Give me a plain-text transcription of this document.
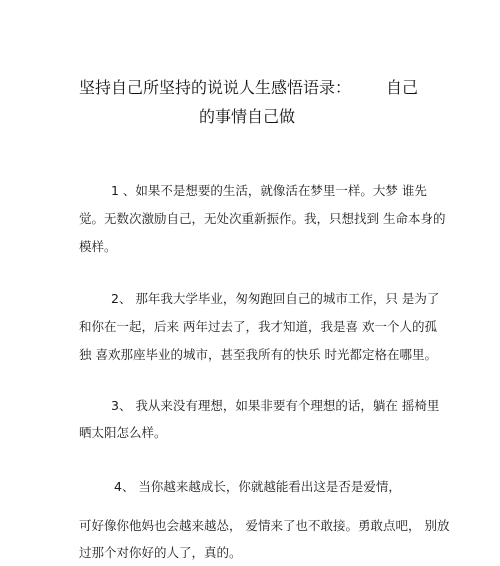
坚持自己所坚持的说说人生感悟语录： 自己
的事情自己做
1 、如果不是想要的生活，就像活在梦里一样。大梦 谁先
觉。无数次激励自己，无处次重新振作。我，只想找到 生命本身的
模样。
2、 那年我大学毕业，匆匆跑回自己的城市工作，只 是为了
和你在一起，后来 两年过去了，我才知道，我是喜 欢一个人的孤
独 喜欢那座毕业的城市，甚至我所有的快乐 时光都定格在哪里。
3、 我从来没有理想，如果非要有个理想的话，躺在 摇椅里
晒太阳怎么样。
4、 当你越来越成长，你就越能看出这是否是爱情，
可好像你他妈也会越来越怂， 爱情来了也不敢接。勇敢点吧， 别放
过那个对你好的人了，真的。
